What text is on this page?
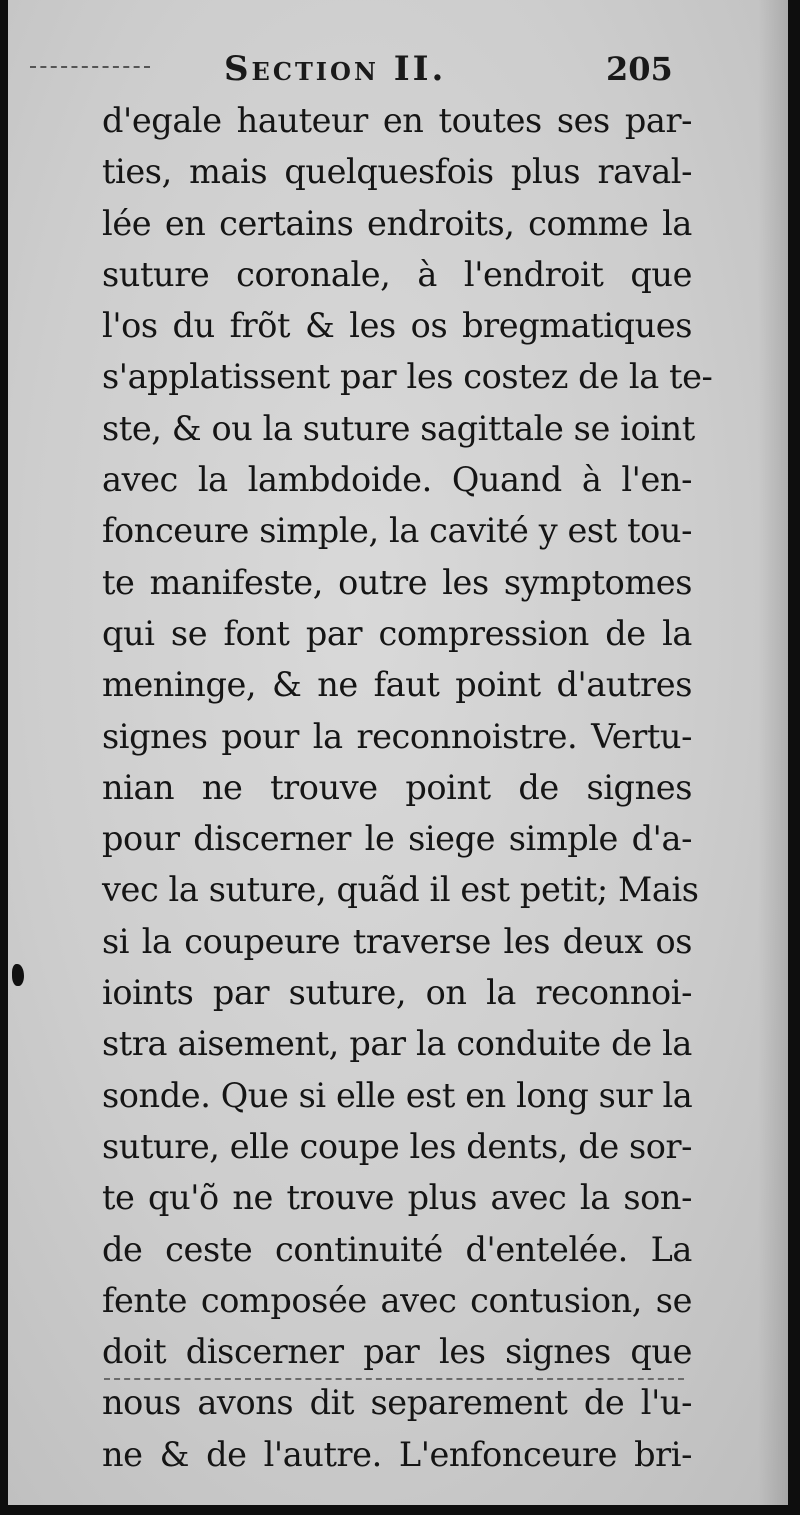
Section II.	205
d'egale hauteur en toutes ses par-
ties, mais quelquesfois plus raval-
lée en certains endroits, comme la
suture coronale, à l'endroit que
l'os du frõt & les os bregmatiques
s'applatissent par les costez de la te-
ste, & ou la suture sagittale se ioint
avec la lambdoide. Quand à l'en-
fonceure simple, la cavité y est tou-
te manifeste, outre les symptomes
qui se font par compression de la
meninge, & ne faut point d'autres
signes pour la reconnoistre. Vertu-
nian ne trouve point de signes
pour discerner le siege simple d'a-
vec la suture, quãd il est petit; Mais
si la coupeure traverse les deux os
ioints par suture, on la reconnoi-
stra aisement, par la conduite de la
sonde. Que si elle est en long sur la
suture, elle coupe les dents, de sor-
te qu'õ ne trouve plus avec la son-
de ceste continuité d'entelée. La
fente composée avec contusion, se
doit discerner par les signes que
nous avons dit separement de l'u-
ne & de l'autre. L'enfonceure bri-
